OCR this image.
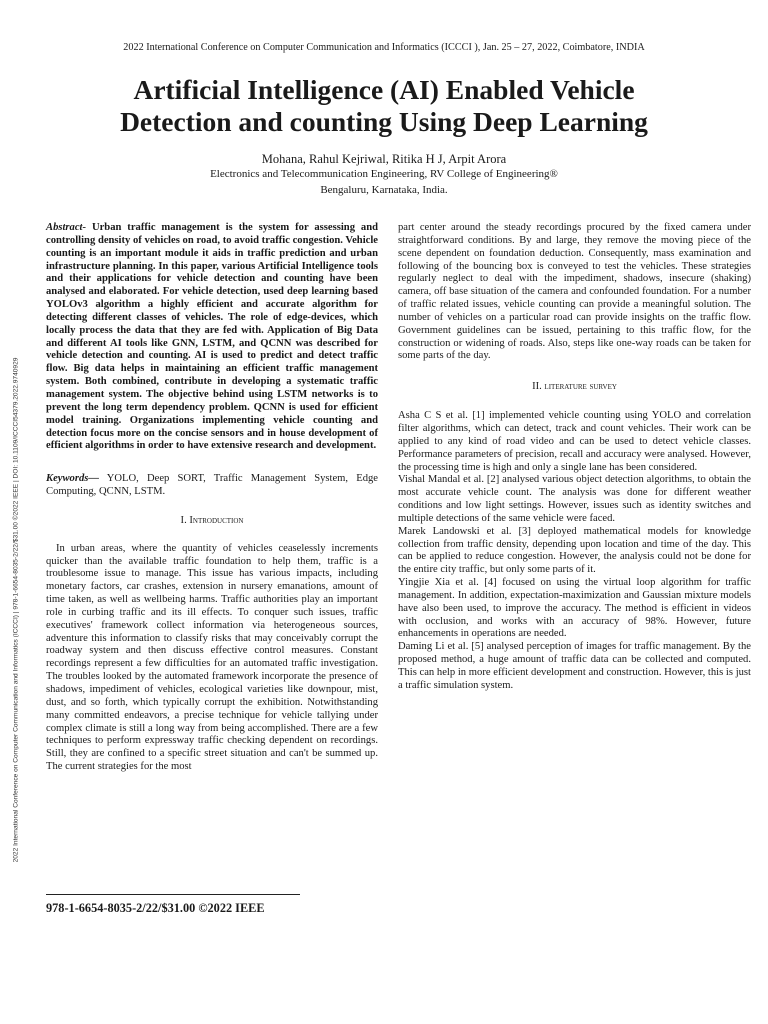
2022 International Conference on Computer Communication and Informatics (ICCCI ), Jan. 25 – 27, 2022, Coimbatore, INDIA
Artificial Intelligence (AI) Enabled Vehicle
Detection and counting Using Deep Learning
Mohana, Rahul Kejriwal, Ritika H J, Arpit Arora
Electronics and Telecommunication Engineering, RV College of Engineering®
Bengaluru, Karnataka, India.
2022 International Conference on Computer Communication and Informatics (ICCCI) | 978-1-6654-8035-2/22/$31.00 ©2022 IEEE | DOI: 10.1109/ICCCI54379.2022.9740929

Abstract- Urban traffic management is the system for assessing and controlling density of vehicles on road, to avoid traffic congestion. Vehicle counting is an important module it aids in traffic prediction and urban infrastructure planning. In this paper, various Artificial Intelligence tools and their applications for vehicle detection and counting have been analysed and elaborated. For vehicle detection, used deep learning based YOLOv3 algorithm a highly efficient and accurate algorithm for detecting different classes of vehicles. The role of edge-devices, which locally process the data that they are fed with. Application of Big Data and different AI tools like GNN, LSTM, and QCNN was described for vehicle detection and counting. AI is used to predict and detect traffic flow. Big data helps in maintaining an efficient traffic management system. Both combined, contribute in developing a systematic traffic management system. The objective behind using LSTM networks is to prevent the long term dependency problem. QCNN is used for efficient model training. Organizations implementing vehicle counting and detection focus more on the concise sensors and in house development of efficient algorithms in order to have extensive research and development.

Keywords— YOLO, Deep SORT, Traffic Management System, Edge Computing, QCNN, LSTM.

I. Introduction

In urban areas, where the quantity of vehicles ceaselessly increments quicker than the available traffic foundation to help them, traffic is a troublesome issue to manage. This issue has various impacts, including monetary factors, car crashes, extension in nursery emanations, amount of time taken, as well as wellbeing harms. Traffic authorities play an important role in curbing traffic and its ill effects. To conquer such issues, traffic executives' framework collect information via heterogeneous sources, adventure this information to classify risks that may conceivably corrupt the roadway system and then discuss effective control measures. Constant recordings represent a few difficulties for an automated traffic investigation. The troubles looked by the automated framework incorporate the presence of shadows, impediment of vehicles, ecological varieties like downpour, mist, dust, and so forth, which typically corrupt the exhibition. Notwithstanding many committed endeavors, a precise technique for vehicle tallying under complex climate is still a long way from being accomplished. There are a few techniques to perform expressway traffic checking dependent on recordings. Still, they are confined to a specific street situation and can't be summed up. The current strategies for the most

part center around the steady recordings procured by the fixed camera under straightforward conditions. By and large, they remove the moving piece of the scene dependent on foundation deduction. Consequently, mass examination and following of the bouncing box is conveyed to test the vehicles. These strategies regularly neglect to deal with the impediment, shadows, insecure (shaking) camera, off base situation of the camera and confounded foundation. For a number of traffic related issues, vehicle counting can provide a meaningful solution. The number of vehicles on a particular road can provide insights on the traffic flow. Government guidelines can be issued, pertaining to this traffic flow, for the construction or widening of roads. Also, steps like one-way roads can be taken for some parts of the day.

II. literature survey

Asha C S et al. [1] implemented vehicle counting using YOLO and correlation filter algorithms, which can detect, track and count vehicles. Their work can be applied to any kind of road video and can be used to detect vehicle classes. Performance parameters of precision, recall and accuracy were analysed. However, the processing time is high and only a single lane has been considered.

Vishal Mandal et al. [2] analysed various object detection algorithms, to obtain the most accurate vehicle count. The analysis was done for different weather conditions and low light settings. However, issues such as identity switches and multiple detections of the same vehicle were faced.

Marek Landowski et al. [3] deployed mathematical models for knowledge collection from traffic density, depending upon location and time of the day. This can be applied to reduce congestion. However, the analysis could not be done for the entire city traffic, but only some parts of it.

Yingjie Xia et al. [4] focused on using the virtual loop algorithm for traffic management. In addition, expectation-maximization and Gaussian mixture models have also been used, to improve the accuracy. The method is efficient in videos with occlusion, and works with an accuracy of 98%. However, future enhancements in operations are needed.

Daming Li et al. [5] analysed perception of images for traffic management. By the proposed method, a huge amount of traffic data can be collected and computed. This can help in more efficient development and construction. However, this is just a traffic simulation system.

978-1-6654-8035-2/22/$31.00 ©2022 IEEE
